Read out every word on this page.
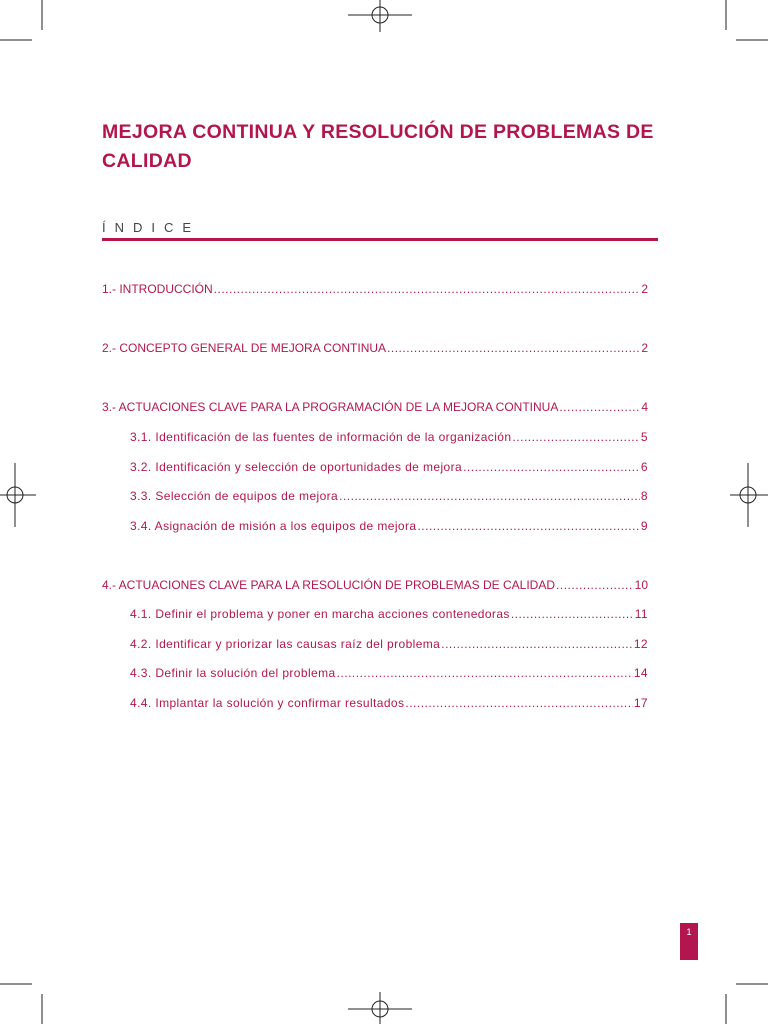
MEJORA CONTINUA Y RESOLUCIÓN DE PROBLEMAS DE CALIDAD
ÍNDICE
1.- INTRODUCCIÓN .....	2
2.- CONCEPTO GENERAL DE MEJORA CONTINUA .....	2
3.- ACTUACIONES CLAVE PARA LA PROGRAMACIÓN DE LA MEJORA CONTINUA .....	4
3.1. Identificación de las fuentes de información de la organización .....	5
3.2. Identificación y selección de oportunidades de mejora .....	6
3.3. Selección de equipos de mejora .....	8
3.4. Asignación de misión a los equipos de mejora .....	9
4.- ACTUACIONES CLAVE PARA LA RESOLUCIÓN DE PROBLEMAS DE CALIDAD .....	10
4.1. Definir el problema y poner en marcha acciones contenedoras .....	11
4.2. Identificar y priorizar las causas raíz del problema .....	12
4.3. Definir la solución del problema .....	14
4.4. Implantar la solución y confirmar resultados .....	17
1
